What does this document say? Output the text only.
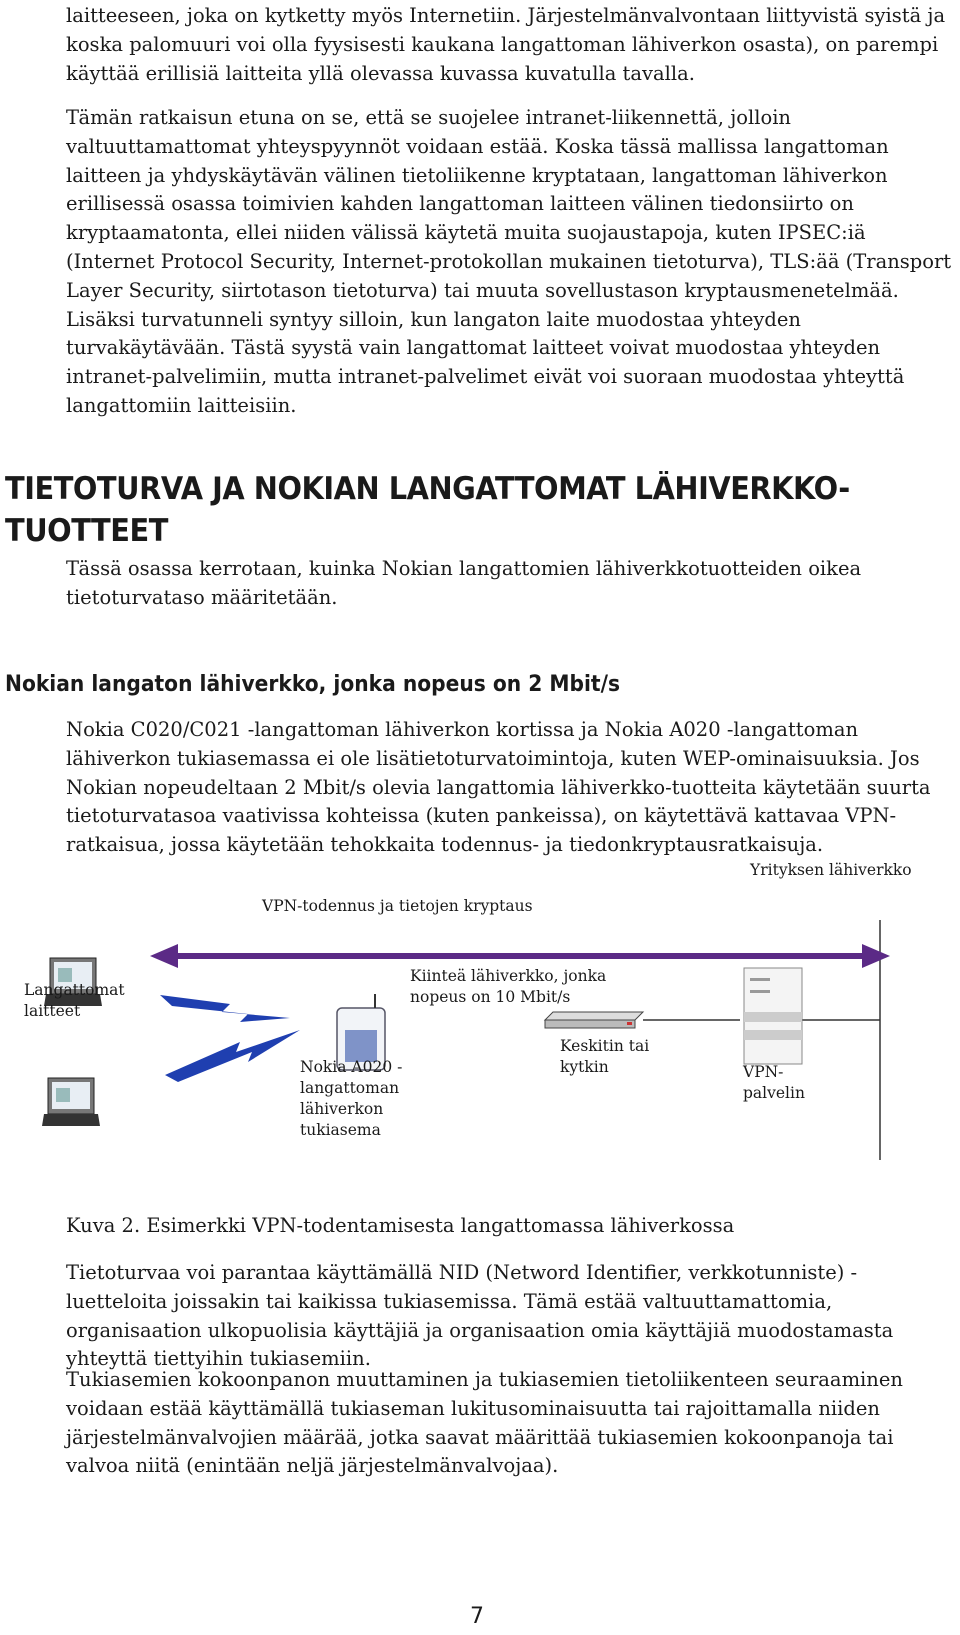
laitteeseen, joka on kytketty myös Internetiin. Järjestelmänvalvontaan liittyvistä syistä ja koska palomuuri voi olla fyysisesti kaukana langattoman lähiverkon osasta), on parempi käyttää erillisiä laitteita yllä olevassa kuvassa kuvatulla tavalla.

Tämän ratkaisun etuna on se, että se suojelee intranet-liikennettä, jolloin valtuuttamattomat yhteyspyynnöt voidaan estää. Koska tässä mallissa langattoman laitteen ja yhdyskäytävän välinen tietoliikenne kryptataan, langattoman lähiverkon erillisessä osassa toimivien kahden langattoman laitteen välinen tiedonsiirto on kryptaamatonta, ellei niiden välissä käytetä muita suojaustapoja, kuten IPSEC:iä (Internet Protocol Security, Internet-protokollan mukainen tietoturva), TLS:ää (Transport Layer Security, siirtotason tietoturva) tai muuta sovellustason kryptausmenetelmää. Lisäksi turvatunneli syntyy silloin, kun langaton laite muodostaa yhteyden turvakäytävään. Tästä syystä vain langattomat laitteet voivat muodostaa yhteyden intranet-palvelimiin, mutta intranet-palvelimet eivät voi suoraan muodostaa yhteyttä langattomiin laitteisiin.

TIETOTURVA JA NOKIAN LANGATTOMAT LÄHIVERKKO-TUOTTEET

Tässä osassa kerrotaan, kuinka Nokian langattomien lähiverkkotuotteiden oikea tietoturvataso määritetään.

Nokian langaton lähiverkko, jonka nopeus on 2 Mbit/s

Nokia C020/C021 -langattoman lähiverkon kortissa ja Nokia A020 -langattoman lähiverkon tukiasemassa ei ole lisätietoturvatoimintoja, kuten WEP-ominaisuuksia. Jos Nokian nopeudeltaan 2 Mbit/s olevia langattomia lähiverkko-tuotteita käytetään suurta tietoturvatasoa vaativissa kohteissa (kuten pankeissa), on käytettävä kattavaa VPN-ratkaisua, jossa käytetään tehokkaita todennus- ja tiedonkryptausratkaisuja.

Yrityksen lähiverkko
VPN-todennus ja tietojen kryptaus
Langattomat laitteet
Kiinteä lähiverkko, jonka nopeus on 10 Mbit/s
Keskitin tai kytkin
Nokia A020 -langattoman lähiverkon tukiasema
VPN-palvelin
Kuva 2. Esimerkki VPN-todentamisesta langattomassa lähiverkossa

Tietoturvaa voi parantaa käyttämällä NID (Netword Identifier, verkkotunniste) -luetteloita joissakin tai kaikissa tukiasemissa. Tämä estää valtuuttamattomia, organisaation ulkopuolisia käyttäjiä ja organisaation omia käyttäjiä muodostamasta yhteyttä tiettyihin tukiasemiin.

Tukiasemien kokoonpanon muuttaminen ja tukiasemien tietoliikenteen seuraaminen voidaan estää käyttämällä tukiaseman lukitusominaisuutta tai rajoittamalla niiden järjestelmänvalvojien määrää, jotka saavat määrittää tukiasemien kokoonpanoja tai valvoa niitä (enintään neljä järjestelmänvalvojaa).

7
